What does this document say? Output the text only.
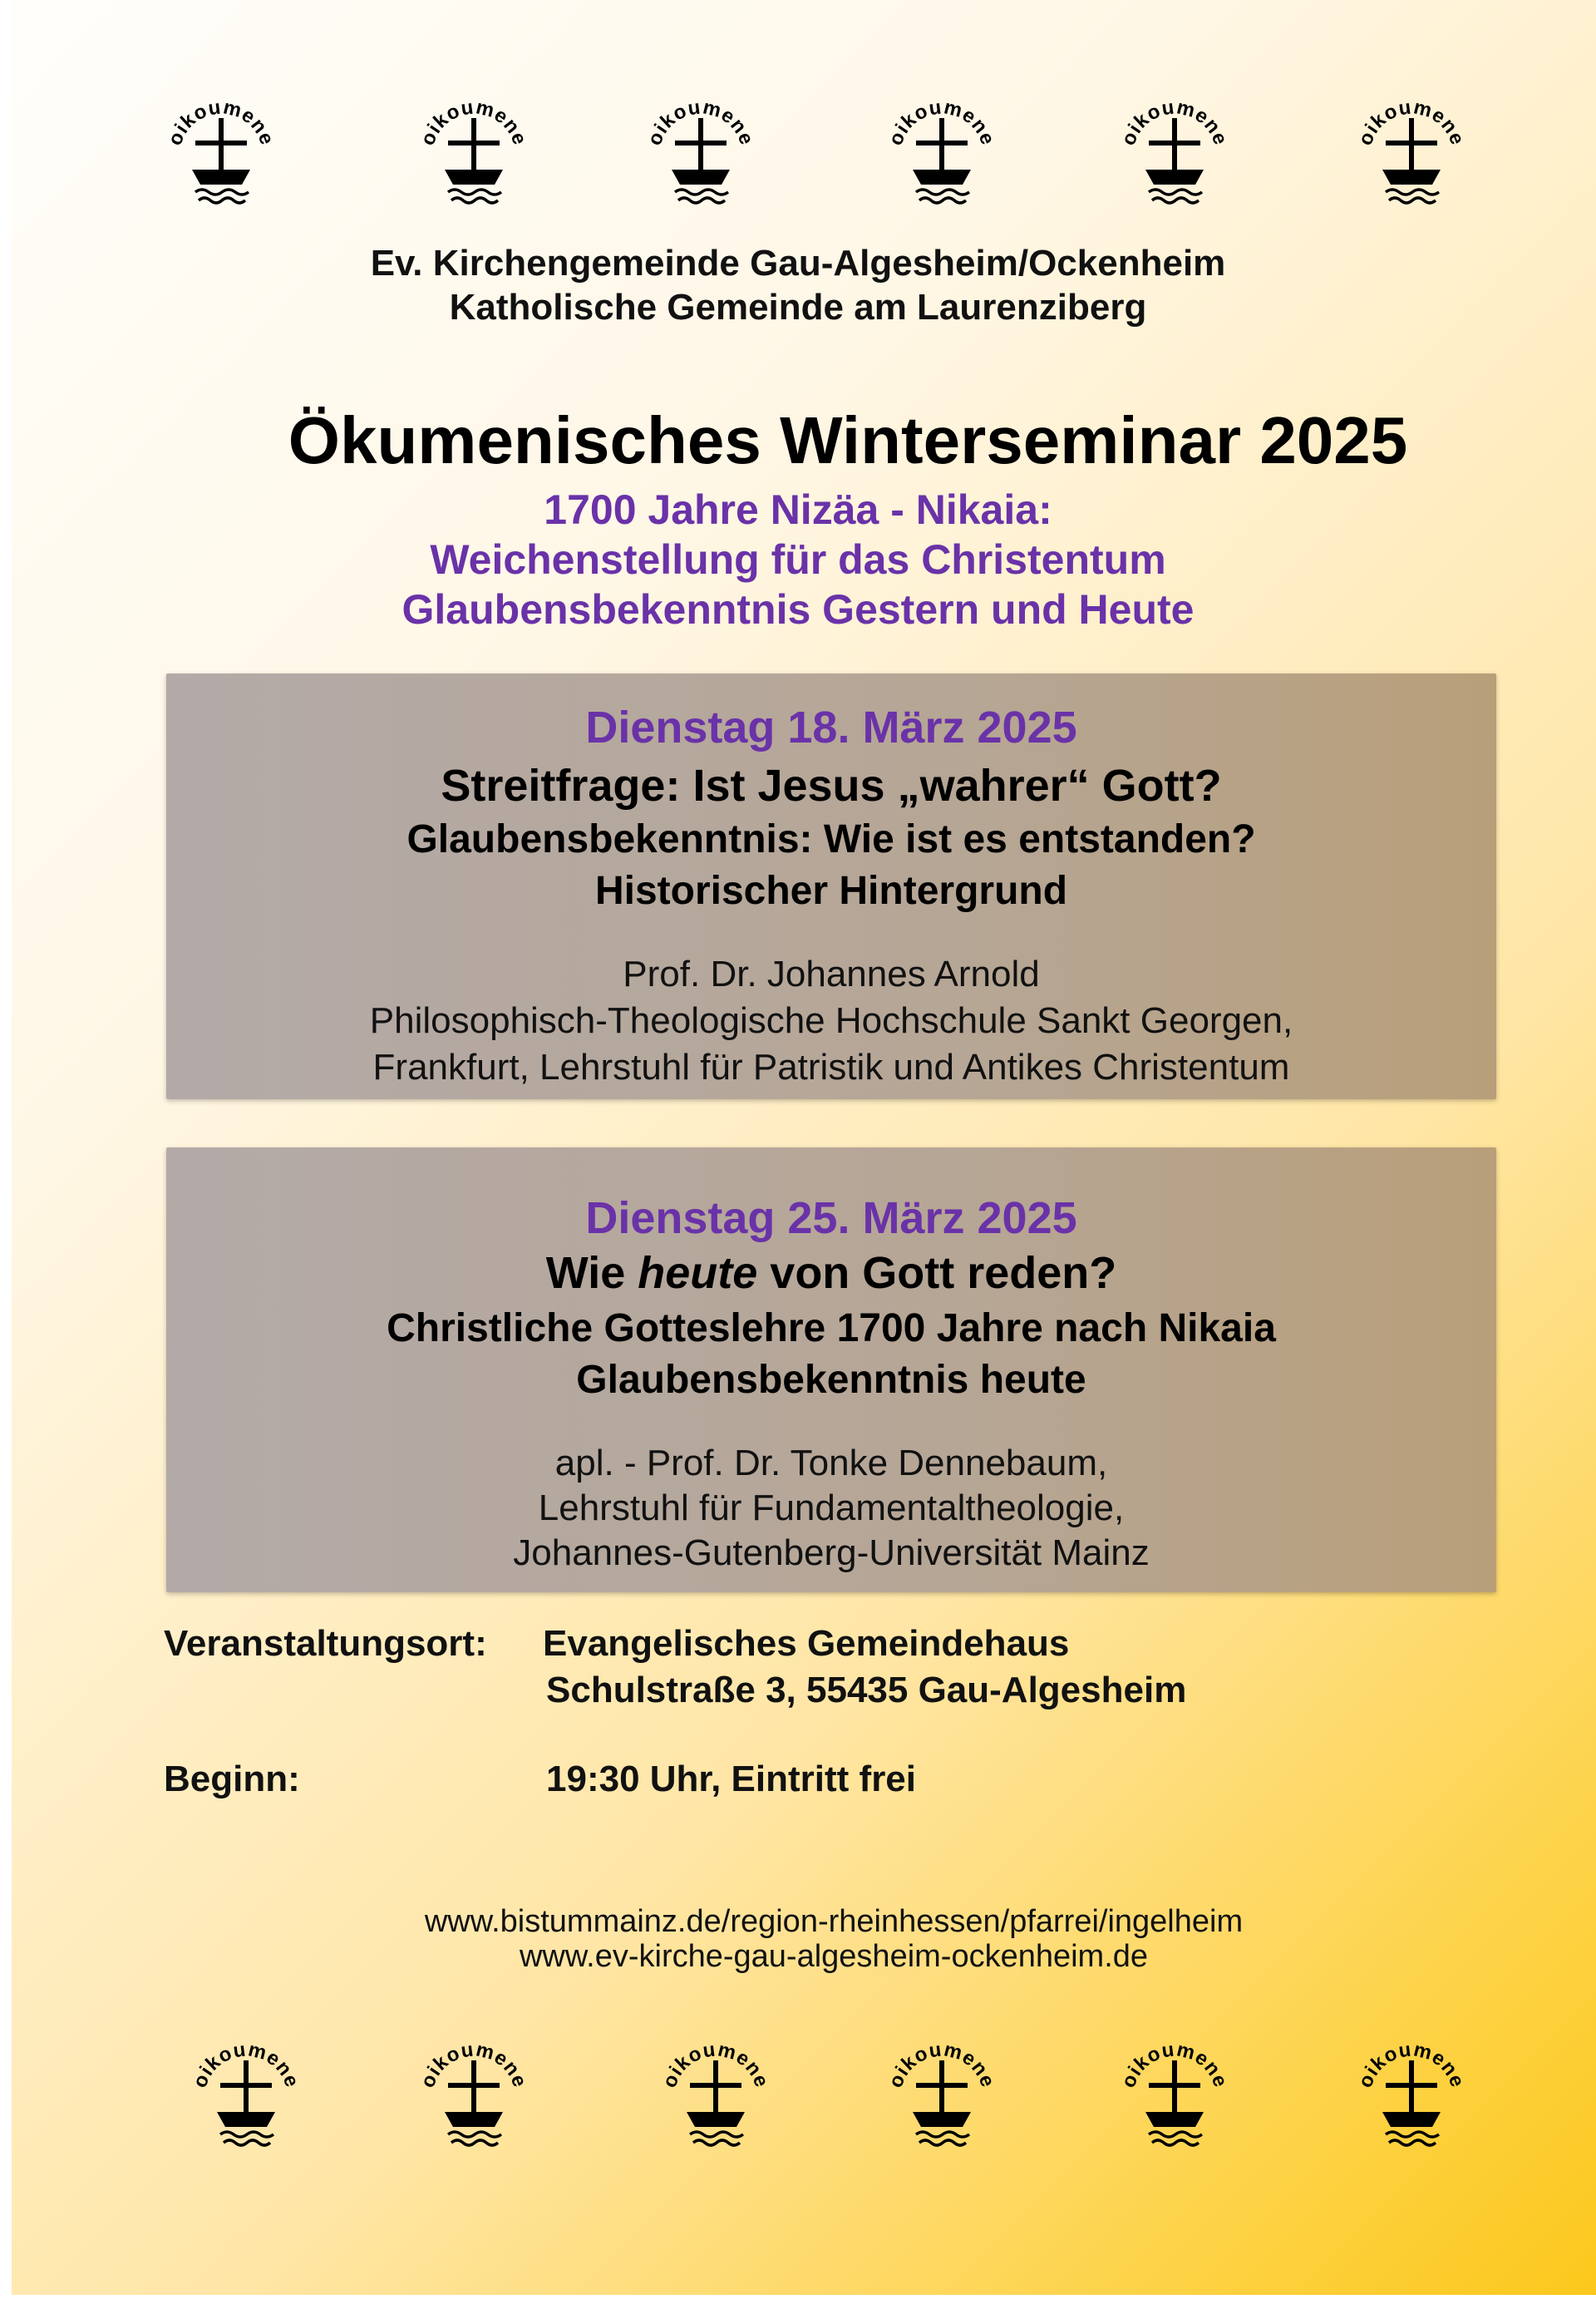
oikoumene	oikoumene	oikoumene	oikoumene	oikoumene	oikoumene

Ev. Kirchengemeinde Gau-Algesheim/Ockenheim

Katholische Gemeinde am Laurenziberg

Ökumenisches Winterseminar 2025

1700 Jahre Nizäa - Nikaia:

Weichenstellung für das Christentum

Glaubensbekenntnis Gestern und Heute

Dienstag 18. März 2025

Streitfrage: Ist Jesus „wahrer“ Gott?

Glaubensbekenntnis: Wie ist es entstanden?

Historischer Hintergrund

Prof. Dr. Johannes Arnold

Philosophisch-Theologische Hochschule Sankt Georgen,

Frankfurt, Lehrstuhl für Patristik und Antikes Christentum

Dienstag 25. März 2025

Wie heute von Gott reden?

Christliche Gotteslehre 1700 Jahre nach Nikaia

Glaubensbekenntnis heute

apl. - Prof. Dr. Tonke Dennebaum,

Lehrstuhl für Fundamentaltheologie,

Johannes-Gutenberg-Universität Mainz

Veranstaltungsort: Evangelisches Gemeindehaus

Schulstraße 3, 55435 Gau-Algesheim

Beginn:	19:30 Uhr, Eintritt frei

www.bistummainz.de/region-rheinhessen/pfarrei/ingelheim

www.ev-kirche-gau-algesheim-ockenheim.de

oikoumene	oikoumene	oikoumene	oikoumene	oikoumene	oikoumene
